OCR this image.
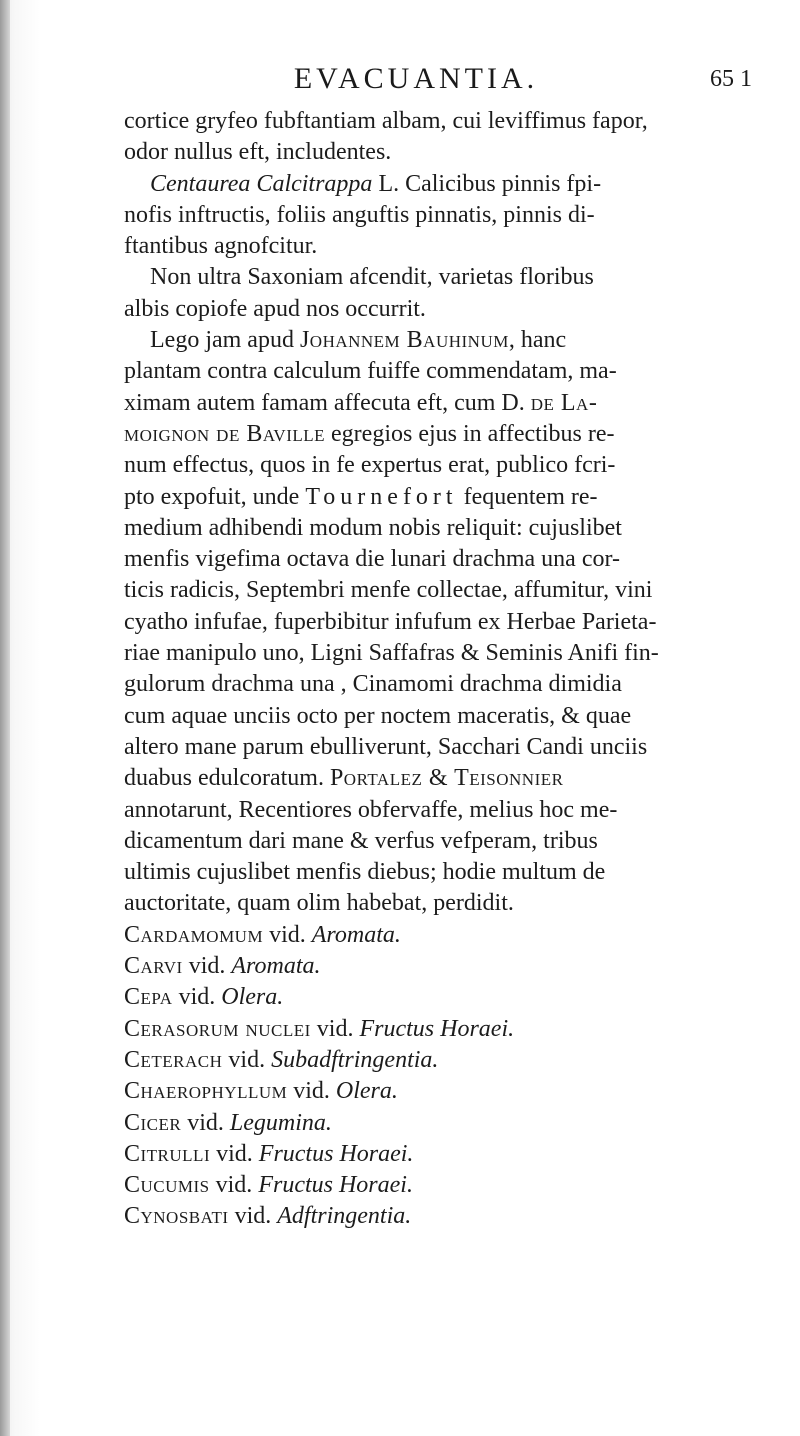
EVACUANTIA.	65 1
cortice gryfeo fubftantiam albam, cui leviffimus fapor,
odor nullus eft, includentes.
Centaurea Calcitrappa L. Calicibus pinnis fpi-
nofis inftructis, foliis anguftis pinnatis, pinnis di-
ftantibus agnofcitur.
Non ultra Saxoniam afcendit, varietas floribus
albis copiofe apud nos occurrit.
Lego jam apud Johannem Bauhinum, hanc
plantam contra calculum fuiffe commendatam, ma-
ximam autem famam affecuta eft, cum D. de La-
moignon de Baville egregios ejus in affectibus re-
num effectus, quos in fe expertus erat, publico fcri-
pto expofuit, unde Tournefort fequentem re-
medium adhibendi modum nobis reliquit: cujuslibet
menfis vigefima octava die lunari drachma una cor-
ticis radicis, Septembri menfe collectae, affumitur, vini
cyatho infufae, fuperbibitur infufum ex Herbae Parieta-
riae manipulo uno, Ligni Saffafras & Seminis Anifi fin-
gulorum drachma una , Cinamomi drachma dimidia
cum aquae unciis octo per noctem maceratis, & quae
altero mane parum ebulliverunt, Sacchari Candi unciis
duabus edulcoratum. Portalez & Teisonnier
annotarunt, Recentiores obfervaffe, melius hoc me-
dicamentum dari mane & verfus vefperam, tribus
ultimis cujuslibet menfis diebus; hodie multum de
auctoritate, quam olim habebat, perdidit.
Cardamomum vid. Aromata.
Carvi vid. Aromata.
Cepa vid. Olera.
Cerasorum nuclei vid. Fructus Horaei.
Ceterach vid. Subadftringentia.
Chaerophyllum vid. Olera.
Cicer vid. Legumina.
Citrulli vid. Fructus Horaei.
Cucumis vid. Fructus Horaei.
Cynosbati vid. Adftringentia.
